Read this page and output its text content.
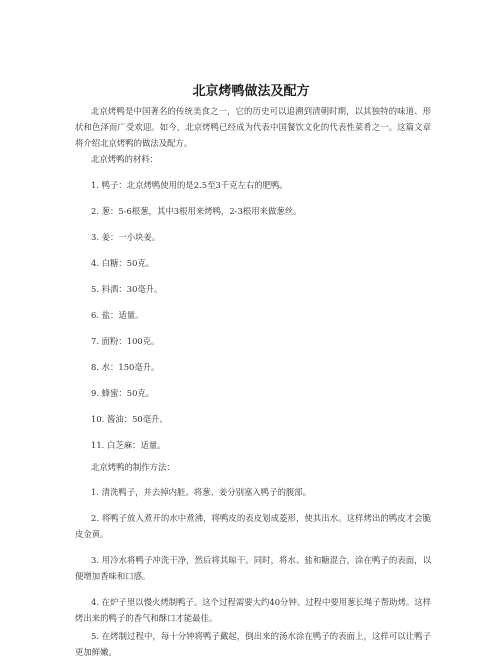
北京烤鸭做法及配方

北京烤鸭是中国著名的传统美食之一，它的历史可以追溯到清朝时期，以其独特的味道、形状和色泽而广受欢迎。如今，北京烤鸭已经成为代表中国餐饮文化的代表性菜肴之一。这篇文章将介绍北京烤鸭的做法及配方。

北京烤鸭的材料：

1. 鸭子：北京烤鸭使用的是2.5至3千克左右的肥鸭。

2. 葱：5-6根葱，其中3根用来烤鸭，2-3根用来做葱丝。

3. 姜：一小块姜。

4. 白糖：50克。

5. 料酒：30毫升。

6. 盐：适量。

7. 面粉：100克。

8. 水：150毫升。

9. 蜂蜜：50克。

10. 酱油：50毫升。

11. 白芝麻：适量。

北京烤鸭的制作方法：

1. 清洗鸭子，并去掉内脏。将葱、姜分别塞入鸭子的腹部。

2. 将鸭子放入煮开的水中煮沸，将鸭皮的表皮划成菱形，使其出水。这样烤出的鸭皮才会脆皮金黄。

3. 用冷水将鸭子冲洗干净，然后将其晾干。同时，将水、盐和糖混合，涂在鸭子的表面，以便增加香味和口感。

4. 在炉子里以慢火烤制鸭子。这个过程需要大约40分钟。过程中要用葱长绳子帮助烤。这样烤出来的鸭子的香气和酥口才能最佳。

5. 在烤制过程中，每十分钟将鸭子戴起，倒出来的汤水涂在鸭子的表面上，这样可以让鸭子更加鲜嫩。
